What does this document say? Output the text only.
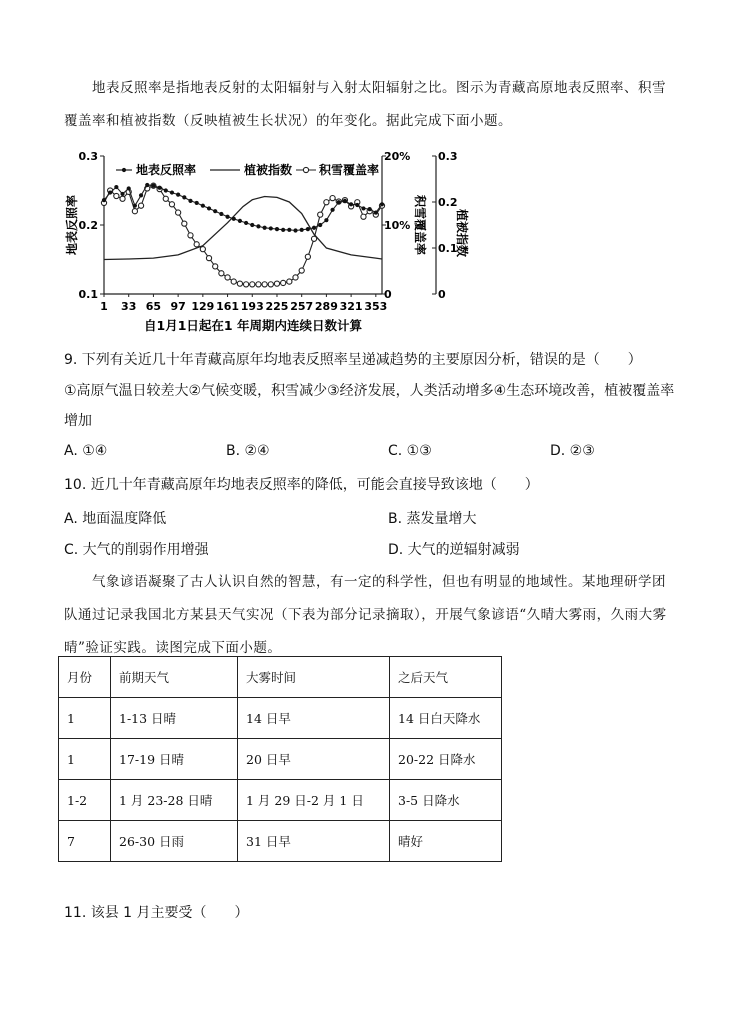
地表反照率是指地表反射的太阳辐射与入射太阳辐射之比。图示为青藏高原地表反照率、积雪覆盖率和植被指数（反映植被生长状况）的年变化。据此完成下面小题。
0.1
0.2
0.3
0
10%
20%
0
0.1
0.2
0.3
1 33 65 97 129 161 193 225 257 289 321 353
地表反照率	植被指数 积雪覆盖率
自1月1日起在1 年周期内连续日数计算
地表反照率	积雪覆盖率 植被指数
9. 下列有关近几十年青藏高原年均地表反照率呈递减趋势的主要原因分析，错误的是（　　）
①高原气温日较差大②气候变暖，积雪减少③经济发展，人类活动增多④生态环境改善，植被覆盖率增加
A. ①④	B. ②④	C. ①③	D. ②③
10. 近几十年青藏高原年均地表反照率的降低，可能会直接导致该地（　　）
A. 地面温度降低	B. 蒸发量增大
C. 大气的削弱作用增强	D. 大气的逆辐射减弱
气象谚语凝聚了古人认识自然的智慧，有一定的科学性，但也有明显的地域性。某地理研学团队通过记录我国北方某县天气实况（下表为部分记录摘取），开展气象谚语“久晴大雾雨，久雨大雾晴”验证实践。读图完成下面小题。
月份	前期天气	大雾时间	之后天气
1	1-13 日晴	14 日早	14 日白天降水
1	17-19 日晴	20 日早	20-22 日降水
1-2	1 月 23-28 日晴	1 月 29 日-2 月 1 日	3-5 日降水
7	26-30 日雨	31 日早	晴好
11. 该县 1 月主要受（　　）
